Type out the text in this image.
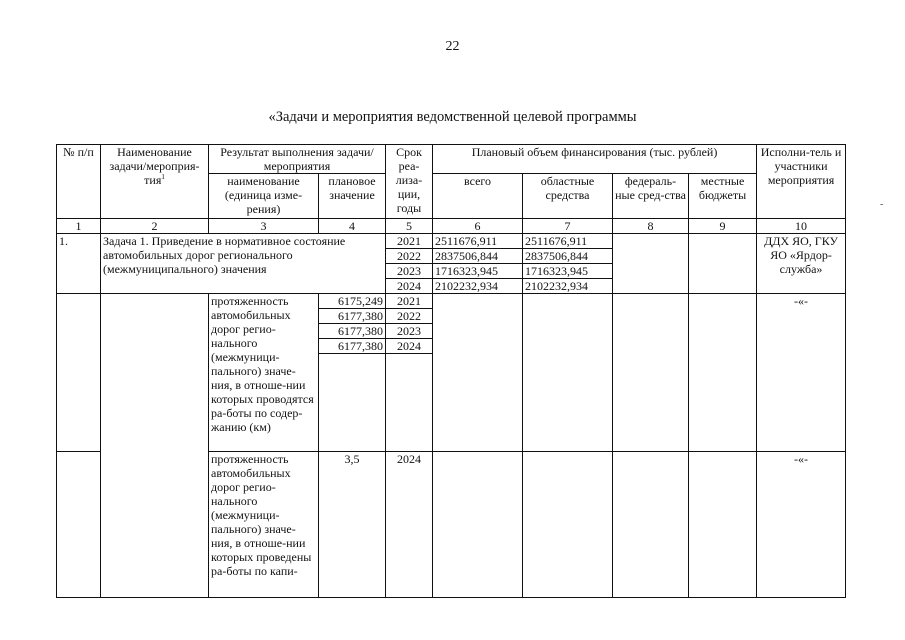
22
«Задачи и мероприятия ведомственной целевой программы
№ п/п	Наименование задачи/мероприя-тия$^1$	Результат выполнения задачи/мероприятия		Срок реа-лиза-ции, годы	Плановый объем финансирования (тыс. рублей)				Исполни-тель и участники мероприятия
		наименование (единица изме-рения)	плановое значение		всего	областные средства	федераль-ные сред-ства	местные бюджеты	
1	2	3	4	5	6	7	8	9	10
1.	Задача 1. Приведение в нормативное состояние автомобильных дорог регионального (межмуниципального) значения			2021	2511676,911	2511676,911			ДДХ ЯО, ГКУ ЯО «Ярдор-служба»
				2022	2837506,844	2837506,844			
				2023	1716323,945	1716323,945			
				2024	2102232,934	2102232,934			
		протяженность автомобильных дорог регио-нального (межмуници-пального) значе-ния, в отноше-нии которых проводятся ра-боты по содер-жанию (км)	6175,249	2021					-«-
			6177,380	2022					
			6177,380	2023					
			6177,380	2024					

		протяженность автомобильных дорог регио-нального (межмуници-пального) значе-ния, в отноше-нии которых проведены ра-боты по капи-	3,5	2024					-«-
-
